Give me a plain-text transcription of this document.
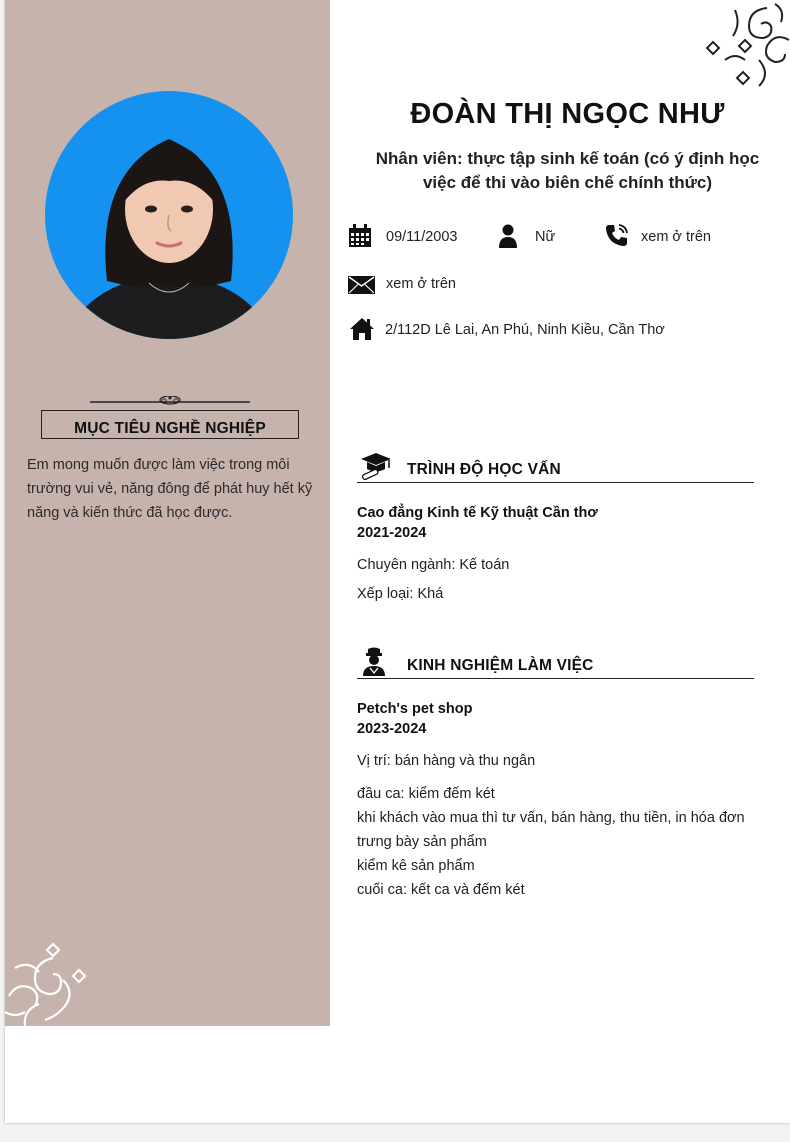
MỤC TIÊU NGHỀ NGHIỆP
Em mong muốn được làm việc trong môi trường vui vẻ, năng đông để phát huy hết kỹ năng và kiến thức đã học được.
ĐOÀN THỊ NGỌC NHƯ
Nhân viên: thực tập sinh kế toán (có ý định học việc để thi vào biên chế chính thức)
09/11/2003	Nữ	xem ở trên
xem ở trên
2/112D Lê Lai, An Phú, Ninh Kiều, Cần Thơ
TRÌNH ĐỘ HỌC VẤN
Cao đẳng Kinh tế Kỹ thuật Cần thơ
2021-2024
Chuyên ngành: Kế toán
Xếp loại: Khá
KINH NGHIỆM LÀM VIỆC
Petch's pet shop
2023-2024
Vị trí: bán hàng và thu ngân
đầu ca: kiểm đếm két
khi khách vào mua thì tư vấn, bán hàng, thu tiền, in hóa đơn
trưng bày sản phẩm
kiểm kê sản phẩm
cuối ca: kết ca và đếm két
